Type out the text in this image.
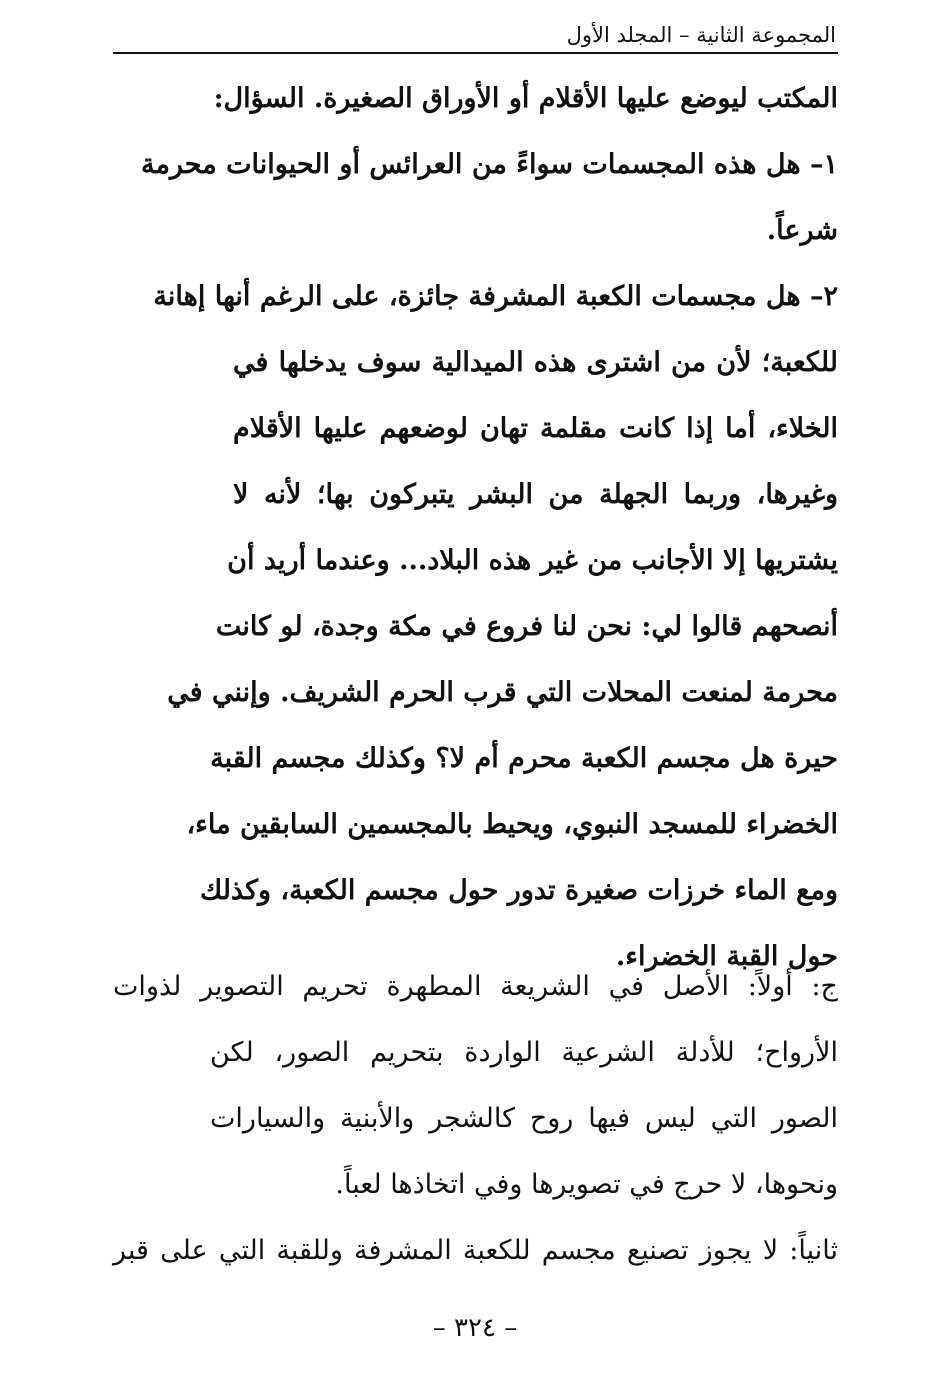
المجموعة الثانية – المجلد الأول
المكتب ليوضع عليها الأقلام أو الأوراق الصغيرة. السؤال:
١– هل هذه المجسمات سواءً من العرائس أو الحيوانات محرمة
شرعاً.
٢– هل مجسمات الكعبة المشرفة جائزة، على الرغم أنها إهانة
للكعبة؛ لأن من اشترى هذه الميدالية سوف يدخلها في
الخلاء، أما إذا كانت مقلمة تهان لوضعهم عليها الأقلام
وغيرها، وربما الجهلة من البشر يتبركون بها؛ لأنه لا
يشتريها إلا الأجانب من غير هذه البلاد... وعندما أريد أن
أنصحهم قالوا لي: نحن لنا فروع في مكة وجدة، لو كانت
محرمة لمنعت المحلات التي قرب الحرم الشريف. وإنني في
حيرة هل مجسم الكعبة محرم أم لا؟ وكذلك مجسم القبة
الخضراء للمسجد النبوي، ويحيط بالمجسمين السابقين ماء،
ومع الماء خرزات صغيرة تدور حول مجسم الكعبة، وكذلك
حول القبة الخضراء.
ج: أولاً: الأصل في الشريعة المطهرة تحريم التصوير لذوات
الأرواح؛ للأدلة الشرعية الواردة بتحريم الصور، لكن
الصور التي ليس فيها روح كالشجر والأبنية والسيارات
ونحوها، لا حرج في تصويرها وفي اتخاذها لعباً.
ثانياً: لا يجوز تصنيع مجسم للكعبة المشرفة وللقبة التي على قبر
– ٣٢٤ –
